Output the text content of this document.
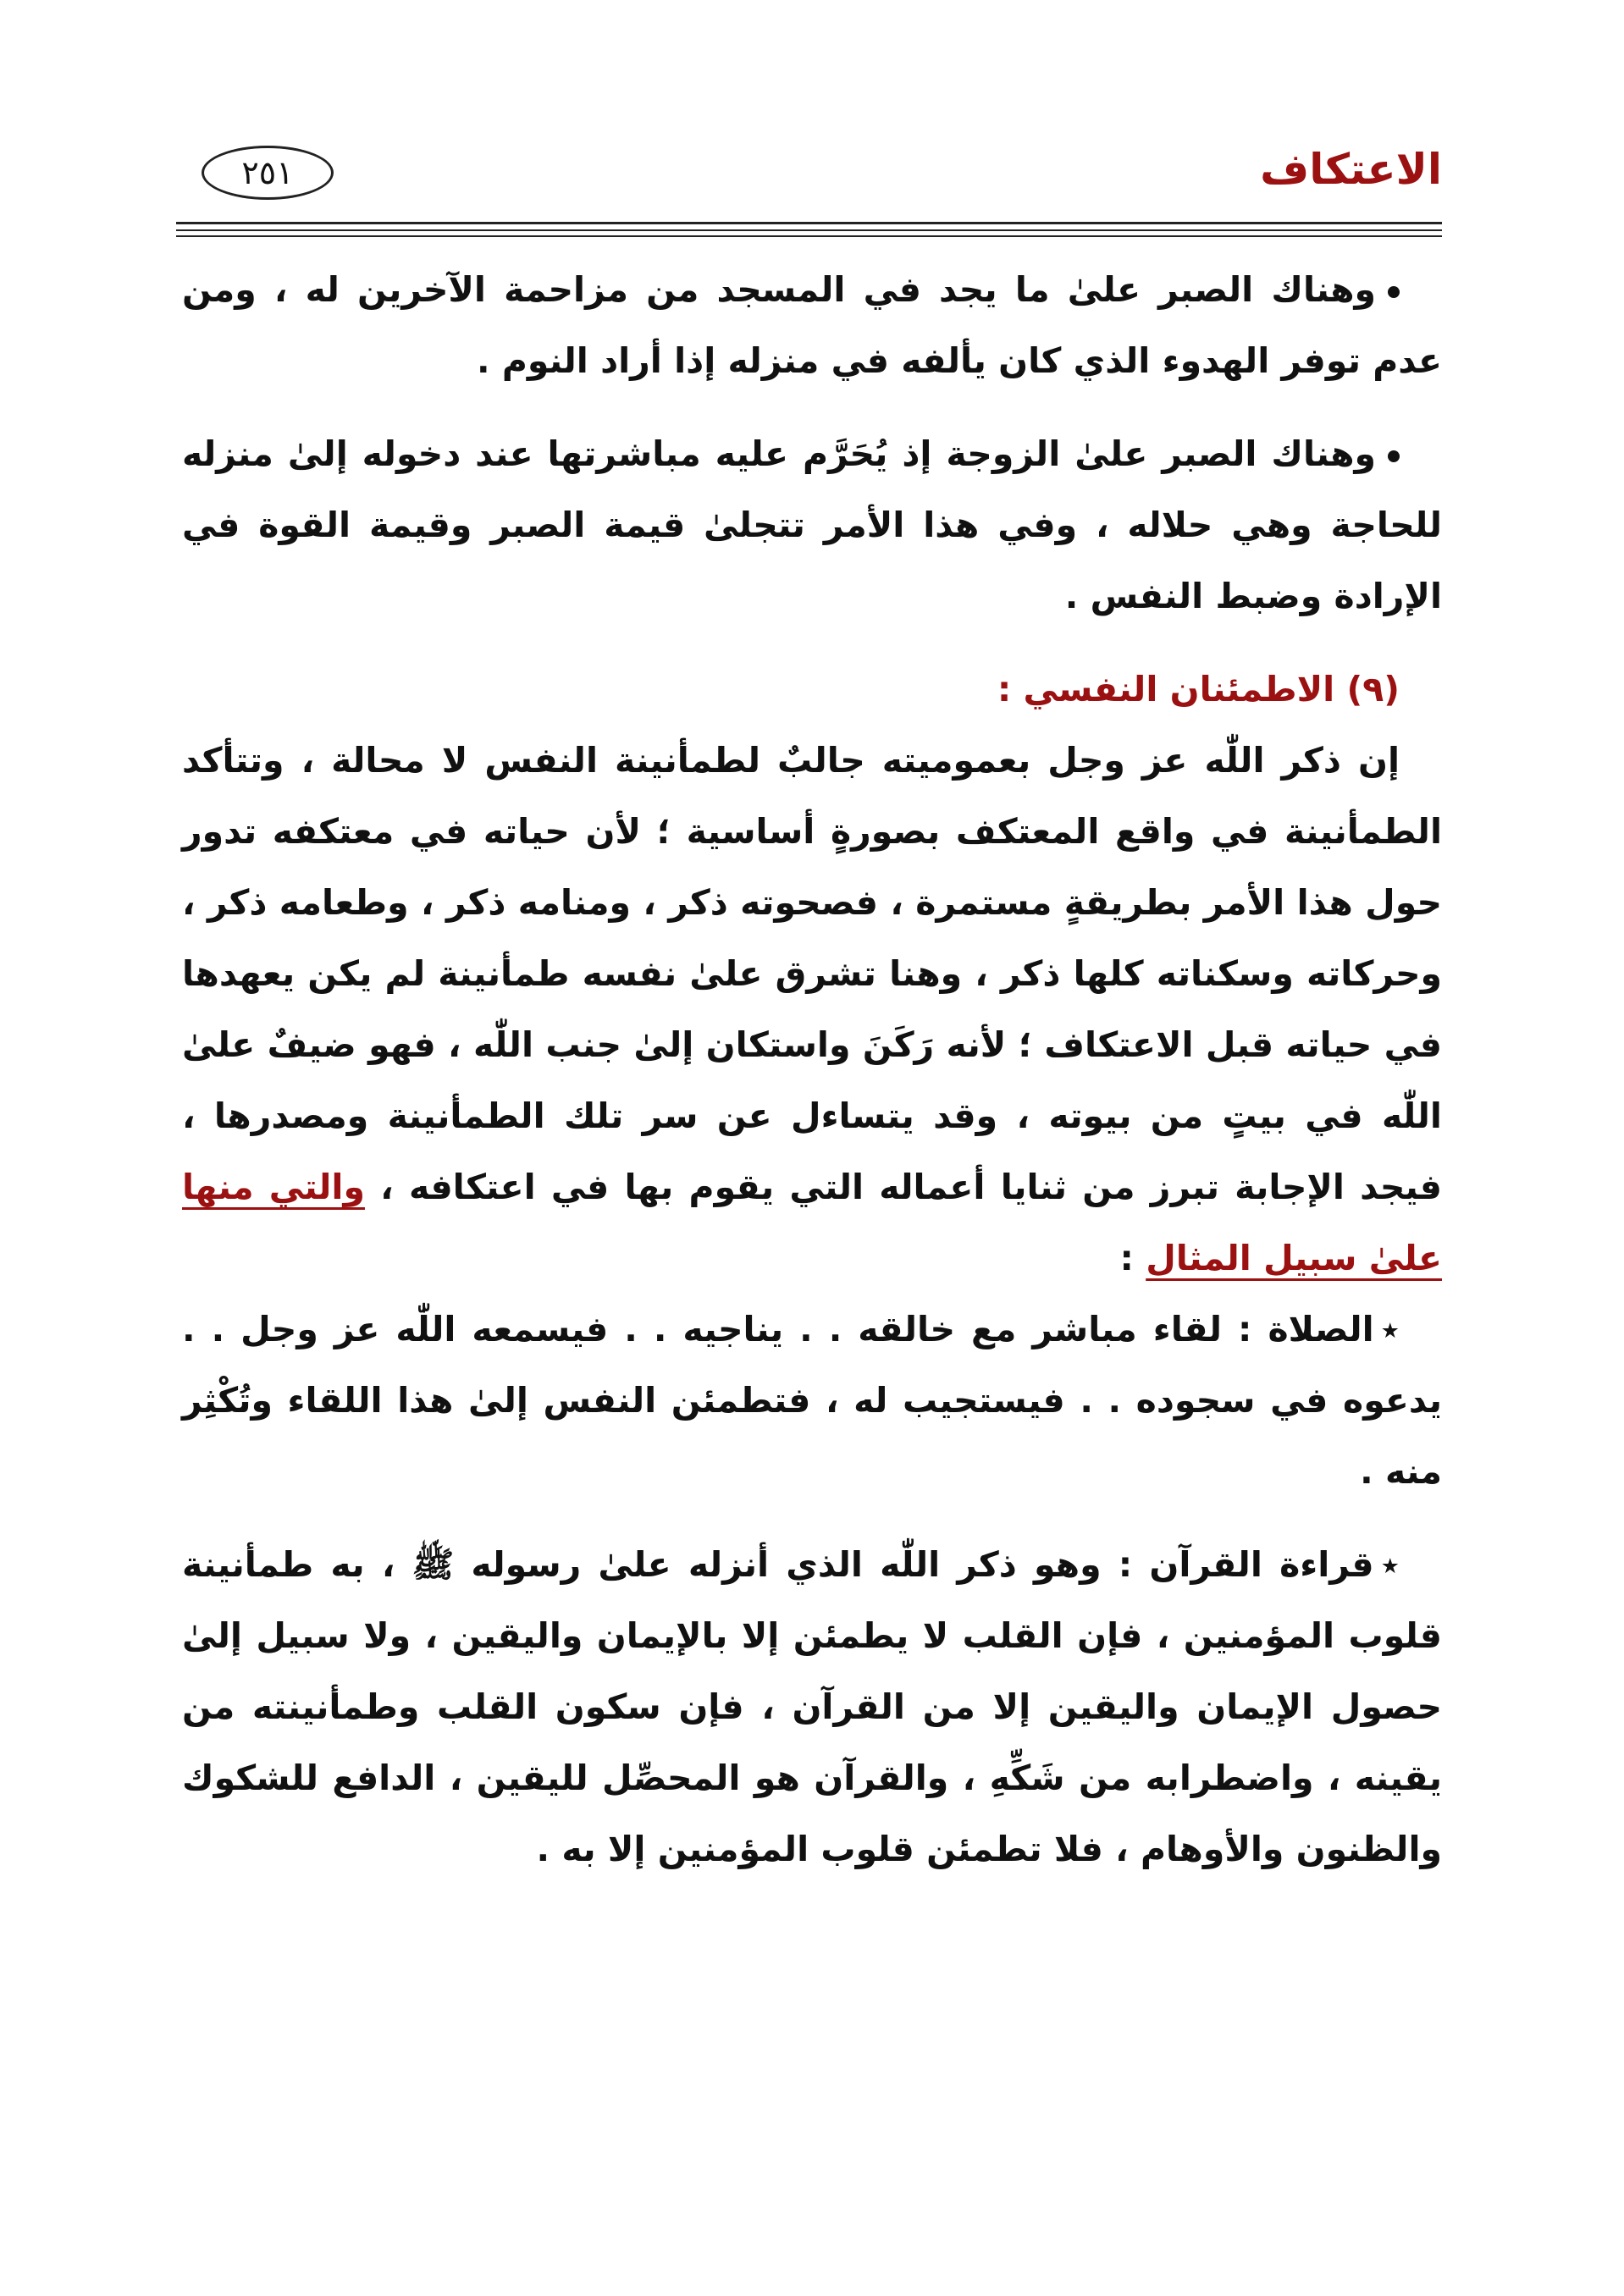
الاعتكاف
٢٥١

وهناك الصبر علىٰ ما يجد في المسجد من مزاحمة الآخرين له ، ومن عدم توفر الهدوء الذي كان يألفه في منزله إذا أراد النوم .

وهناك الصبر علىٰ الزوجة إذ يُحَرَّم عليه مباشرتها عند دخوله إلىٰ منزله للحاجة وهي حلاله ، وفي هذا الأمر تتجلىٰ قيمة الصبر وقيمة القوة في الإرادة وضبط النفس .

(٩) الاطمئنان النفسي :

إن ذكر اللّٰه عز وجل بعموميته جالبٌ لطمأنينة النفس لا محالة ، وتتأكد الطمأنينة في واقع المعتكف بصورةٍ أساسية ؛ لأن حياته في معتكفه تدور حول هذا الأمر بطريقةٍ مستمرة ، فصحوته ذكر ، ومنامه ذكر ، وطعامه ذكر ، وحركاته وسكناته كلها ذكر ، وهنا تشرق علىٰ نفسه طمأنينة لم يكن يعهدها في حياته قبل الاعتكاف ؛ لأنه رَكَنَ واستكان إلىٰ جنب اللّٰه ، فهو ضيفٌ علىٰ اللّٰه في بيتٍ من بيوته ، وقد يتساءل عن سر تلك الطمأنينة ومصدرها ، فيجد الإجابة تبرز من ثنايا أعماله التي يقوم بها في اعتكافه ، والتي منها علىٰ سبيل المثال :

٭الصلاة : لقاء مباشر مع خالقه . . يناجيه . . فيسمعه اللّٰه عز وجل . . يدعوه في سجوده . . فيستجيب له ، فتطمئن النفس إلىٰ هذا اللقاء وتُكْثِر منه .

٭قراءة القرآن : وهو ذكر اللّٰه الذي أنزله علىٰ رسوله ﷺ ، به طمأنينة قلوب المؤمنين ، فإن القلب لا يطمئن إلا بالإيمان واليقين ، ولا سبيل إلىٰ حصول الإيمان واليقين إلا من القرآن ، فإن سكون القلب وطمأنينته من يقينه ، واضطرابه من شَكِّهِ ، والقرآن هو المحصِّل لليقين ، الدافع للشكوك والظنون والأوهام ، فلا تطمئن قلوب المؤمنين إلا به .
